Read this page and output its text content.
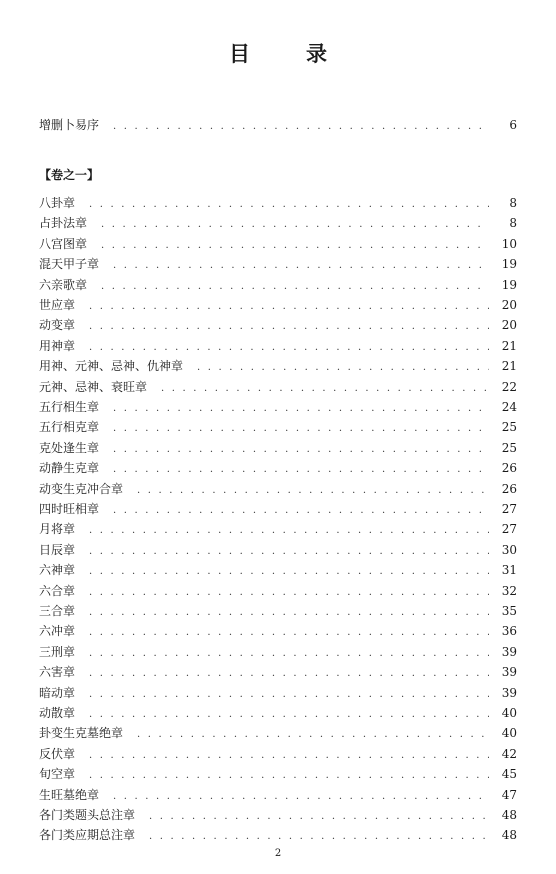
目	录
增删卜易序 . . .	6
【卷之一】
八卦章 . . .	8
占卦法章 . . .	8
八宫图章 . . .	10
混天甲子章 . . .	19
六亲歌章 . . .	19
世应章 . . .	20
动变章 . . .	20
用神章 . . .	21
用神、元神、忌神、仇神章 . . .	21
元神、忌神、衰旺章 . . .	22
五行相生章 . . .	24
五行相克章 . . .	25
克处逢生章 . . .	25
动静生克章 . . .	26
动变生克冲合章 . . .	26
四时旺相章 . . .	27
月将章 . . .	27
日辰章 . . .	30
六神章 . . .	31
六合章 . . .	32
三合章 . . .	35
六冲章 . . .	36
三刑章 . . .	39
六害章 . . .	39
暗动章 . . .	39
动散章 . . .	40
卦变生克墓绝章 . . .	40
反伏章 . . .	42
旬空章 . . .	45
生旺墓绝章 . . .	47
各门类题头总注章 . . .	48
各门类应期总注章 . . .	48
2
